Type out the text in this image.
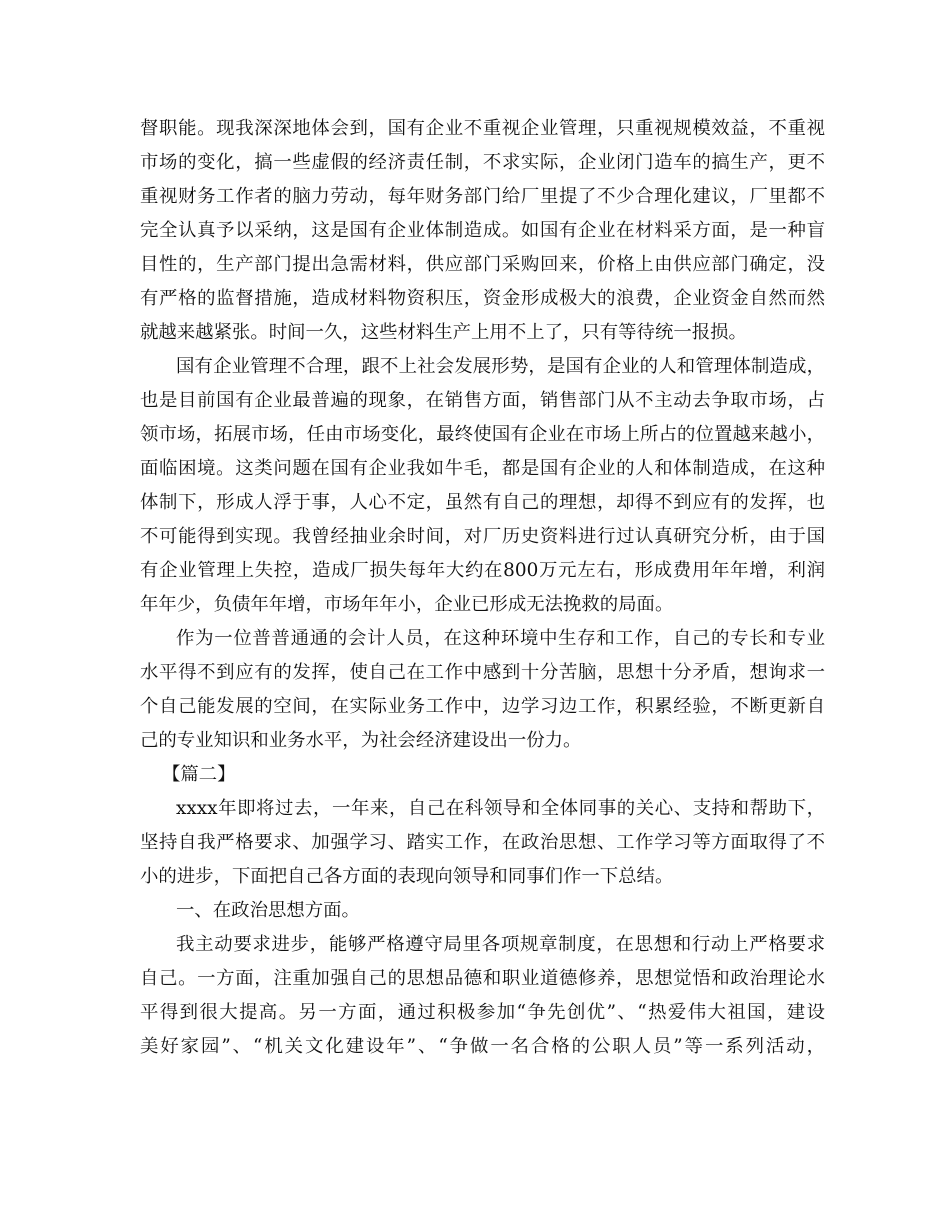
督职能。现我深深地体会到，国有企业不重视企业管理，只重视规模效益，不重视
市场的变化，搞一些虚假的经济责任制，不求实际，企业闭门造车的搞生产，更不
重视财务工作者的脑力劳动，每年财务部门给厂里提了不少合理化建议，厂里都不
完全认真予以采纳，这是国有企业体制造成。如国有企业在材料采方面，是一种盲
目性的，生产部门提出急需材料，供应部门采购回来，价格上由供应部门确定，没
有严格的监督措施，造成材料物资积压，资金形成极大的浪费，企业资金自然而然
就越来越紧张。时间一久，这些材料生产上用不上了，只有等待统一报损。
国有企业管理不合理，跟不上社会发展形势，是国有企业的人和管理体制造成，
也是目前国有企业最普遍的现象，在销售方面，销售部门从不主动去争取市场，占
领市场，拓展市场，任由市场变化，最终使国有企业在市场上所占的位置越来越小，
面临困境。这类问题在国有企业我如牛毛，都是国有企业的人和体制造成，在这种
体制下，形成人浮于事，人心不定，虽然有自己的理想，却得不到应有的发挥，也
不可能得到实现。我曾经抽业余时间，对厂历史资料进行过认真研究分析，由于国
有企业管理上失控，造成厂损失每年大约在800万元左右，形成费用年年增，利润
年年少，负债年年增，市场年年小，企业已形成无法挽救的局面。
作为一位普普通通的会计人员，在这种环境中生存和工作，自己的专长和专业
水平得不到应有的发挥，使自己在工作中感到十分苦脑，思想十分矛盾，想询求一
个自己能发展的空间，在实际业务工作中，边学习边工作，积累经验，不断更新自
己的专业知识和业务水平，为社会经济建设出一份力。
【篇二】
xxxx年即将过去，一年来，自己在科领导和全体同事的关心、支持和帮助下，
坚持自我严格要求、加强学习、踏实工作，在政治思想、工作学习等方面取得了不
小的进步，下面把自己各方面的表现向领导和同事们作一下总结。
一、在政治思想方面。
我主动要求进步，能够严格遵守局里各项规章制度，在思想和行动上严格要求
自己。一方面，注重加强自己的思想品德和职业道德修养，思想觉悟和政治理论水
平得到很大提高。另一方面，通过积极参加“争先创优”、“热爱伟大祖国，建设
美好家园”、“机关文化建设年”、“争做一名合格的公职人员”等一系列活动，
